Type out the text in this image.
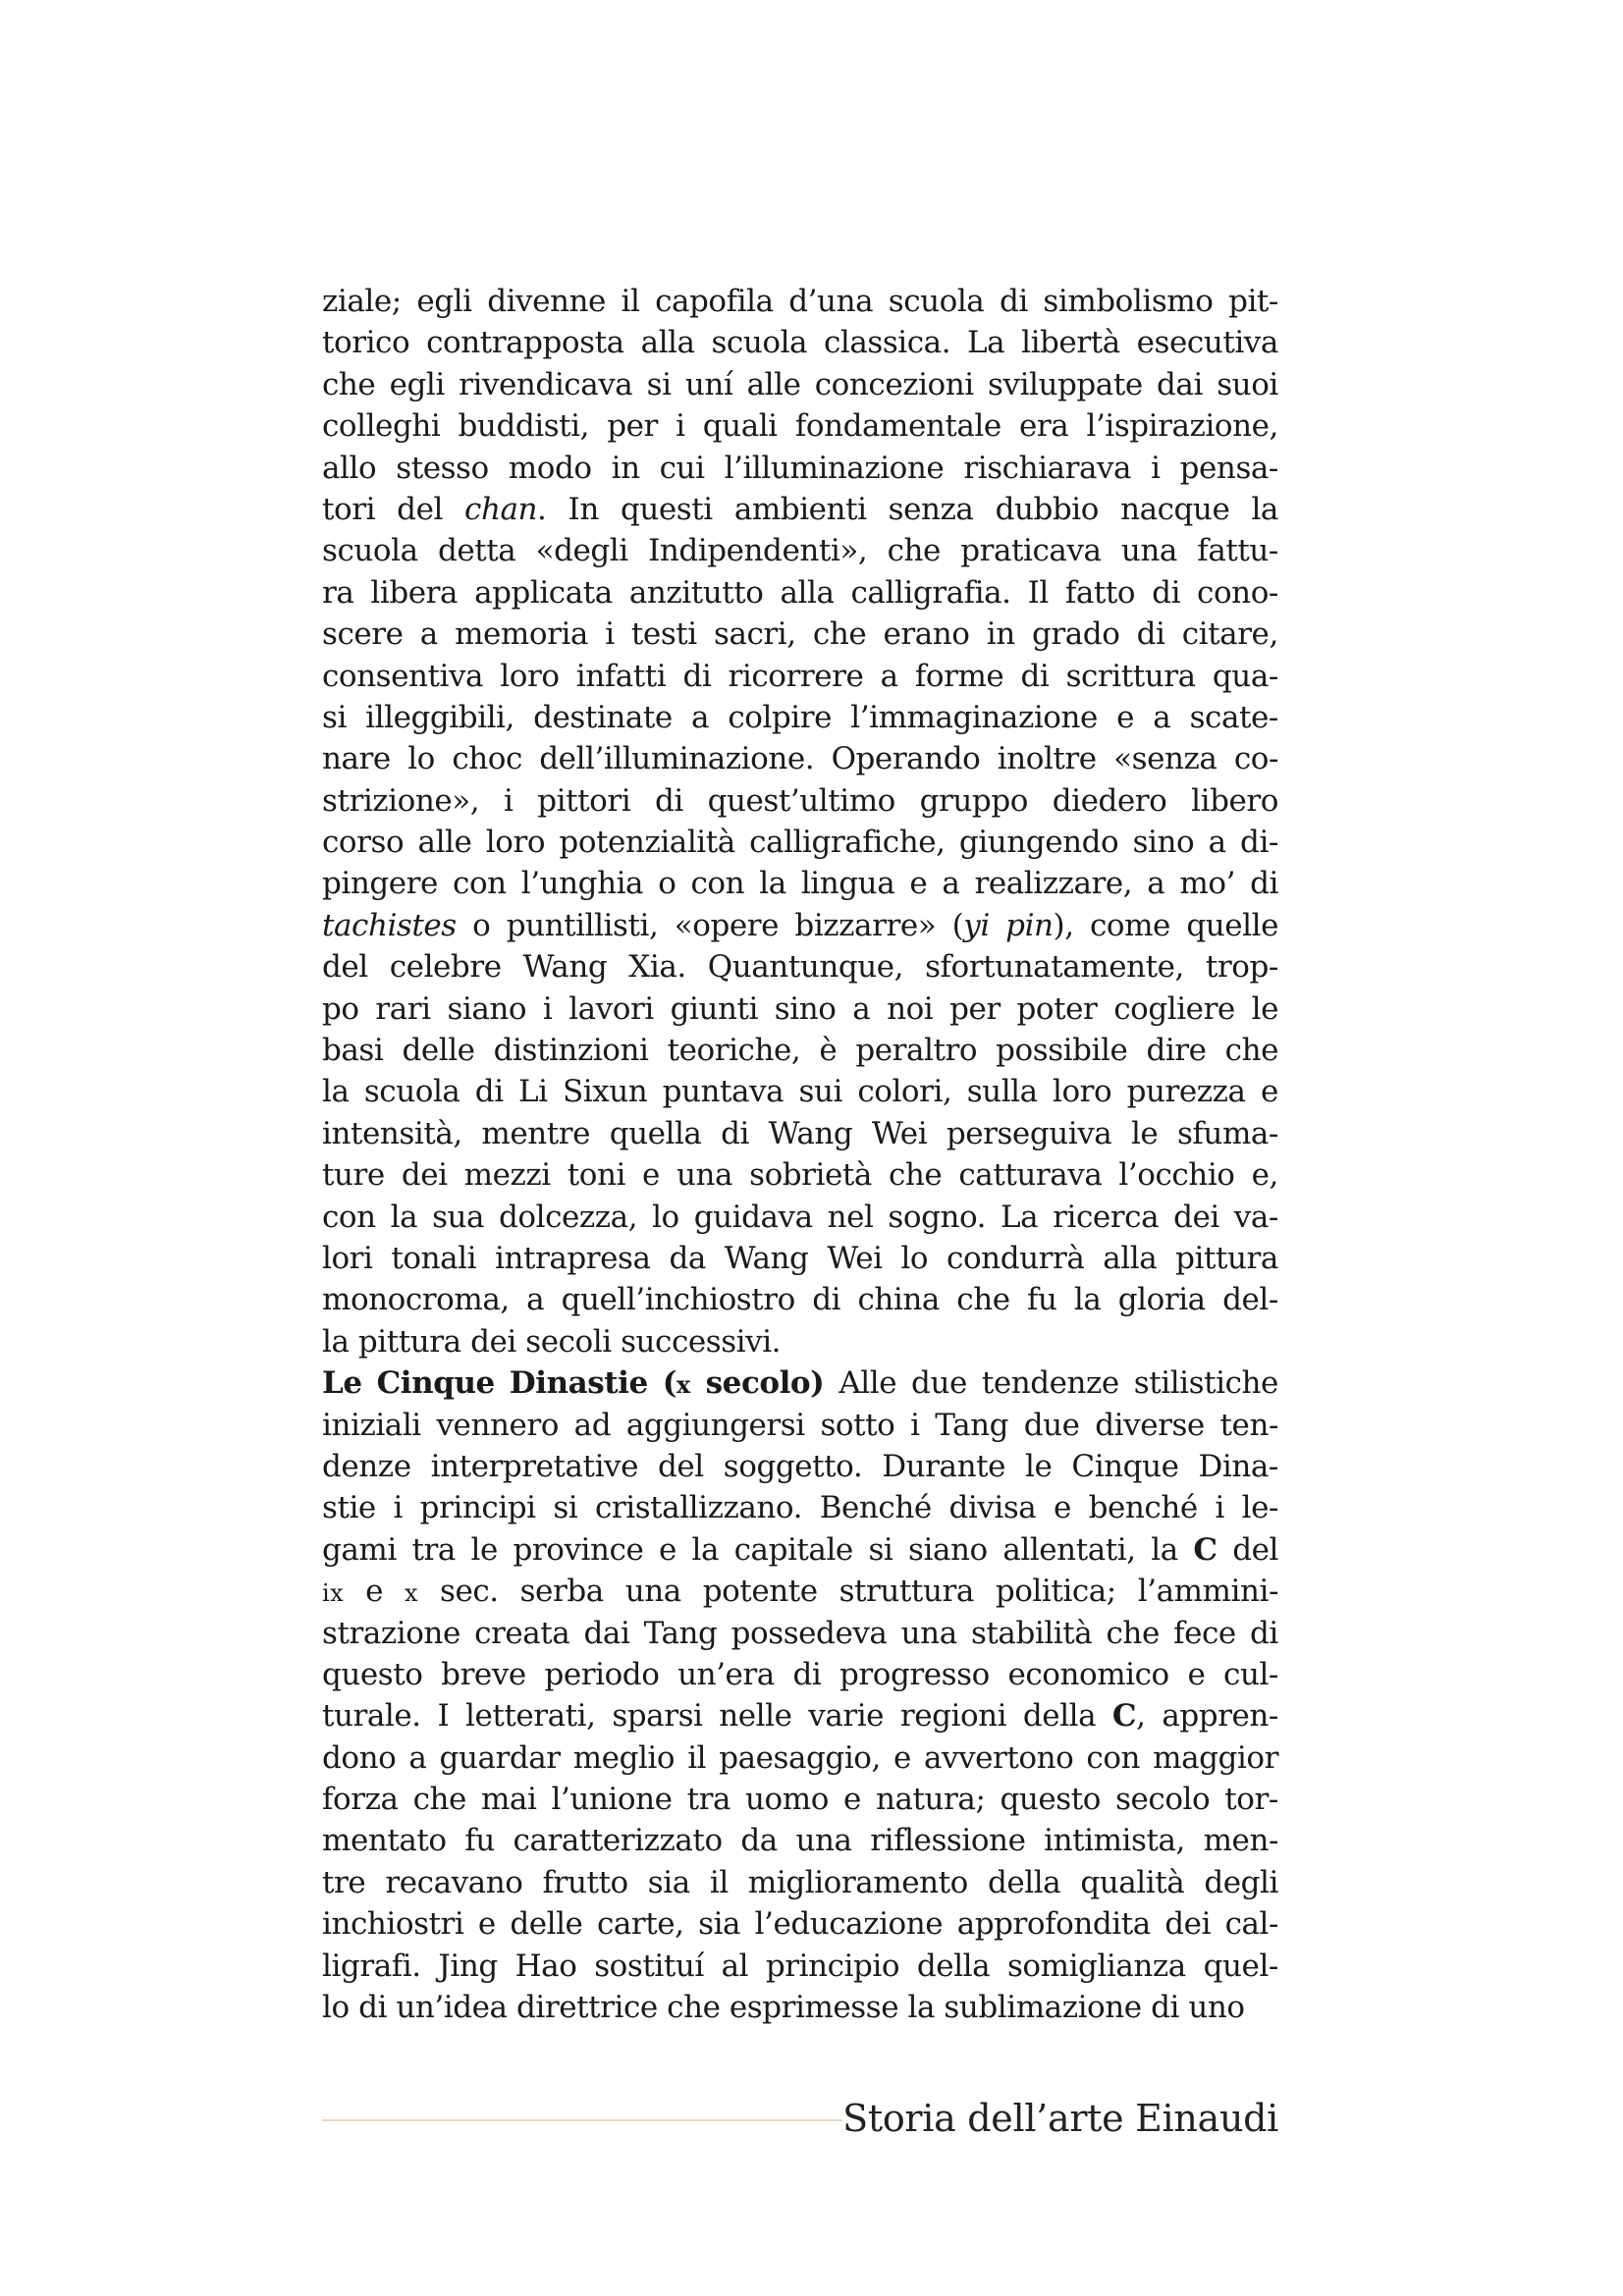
ziale; egli divenne il capofila d’una scuola di simbolismo pit-
torico contrapposta alla scuola classica. La libertà esecutiva
che egli rivendicava si uní alle concezioni sviluppate dai suoi
colleghi buddisti, per i quali fondamentale era l’ispirazione,
allo stesso modo in cui l’illuminazione rischiarava i pensa-
tori del chan. In questi ambienti senza dubbio nacque la
scuola detta «degli Indipendenti», che praticava una fattu-
ra libera applicata anzitutto alla calligrafia. Il fatto di cono-
scere a memoria i testi sacri, che erano in grado di citare,
consentiva loro infatti di ricorrere a forme di scrittura qua-
si illeggibili, destinate a colpire l’immaginazione e a scate-
nare lo choc dell’illuminazione. Operando inoltre «senza co-
strizione», i pittori di quest’ultimo gruppo diedero libero
corso alle loro potenzialità calligrafiche, giungendo sino a di-
pingere con l’unghia o con la lingua e a realizzare, a mo’ di
tachistes o puntillisti, «opere bizzarre» (yi pin), come quelle
del celebre Wang Xia. Quantunque, sfortunatamente, trop-
po rari siano i lavori giunti sino a noi per poter cogliere le
basi delle distinzioni teoriche, è peraltro possibile dire che
la scuola di Li Sixun puntava sui colori, sulla loro purezza e
intensità, mentre quella di Wang Wei perseguiva le sfuma-
ture dei mezzi toni e una sobrietà che catturava l’occhio e,
con la sua dolcezza, lo guidava nel sogno. La ricerca dei va-
lori tonali intrapresa da Wang Wei lo condurrà alla pittura
monocroma, a quell’inchiostro di china che fu la gloria del-
la pittura dei secoli successivi.
Le Cinque Dinastie (x secolo) Alle due tendenze stilistiche
iniziali vennero ad aggiungersi sotto i Tang due diverse ten-
denze interpretative del soggetto. Durante le Cinque Dina-
stie i principi si cristallizzano. Benché divisa e benché i le-
gami tra le province e la capitale si siano allentati, la C del
ix e x sec. serba una potente struttura politica; l’ammini-
strazione creata dai Tang possedeva una stabilità che fece di
questo breve periodo un’era di progresso economico e cul-
turale. I letterati, sparsi nelle varie regioni della C, appren-
dono a guardar meglio il paesaggio, e avvertono con maggior
forza che mai l’unione tra uomo e natura; questo secolo tor-
mentato fu caratterizzato da una riflessione intimista, men-
tre recavano frutto sia il miglioramento della qualità degli
inchiostri e delle carte, sia l’educazione approfondita dei cal-
ligrafi. Jing Hao sostituí al principio della somiglianza quel-
lo di un’idea direttrice che esprimesse la sublimazione di uno
Storia dell’arte Einaudi
